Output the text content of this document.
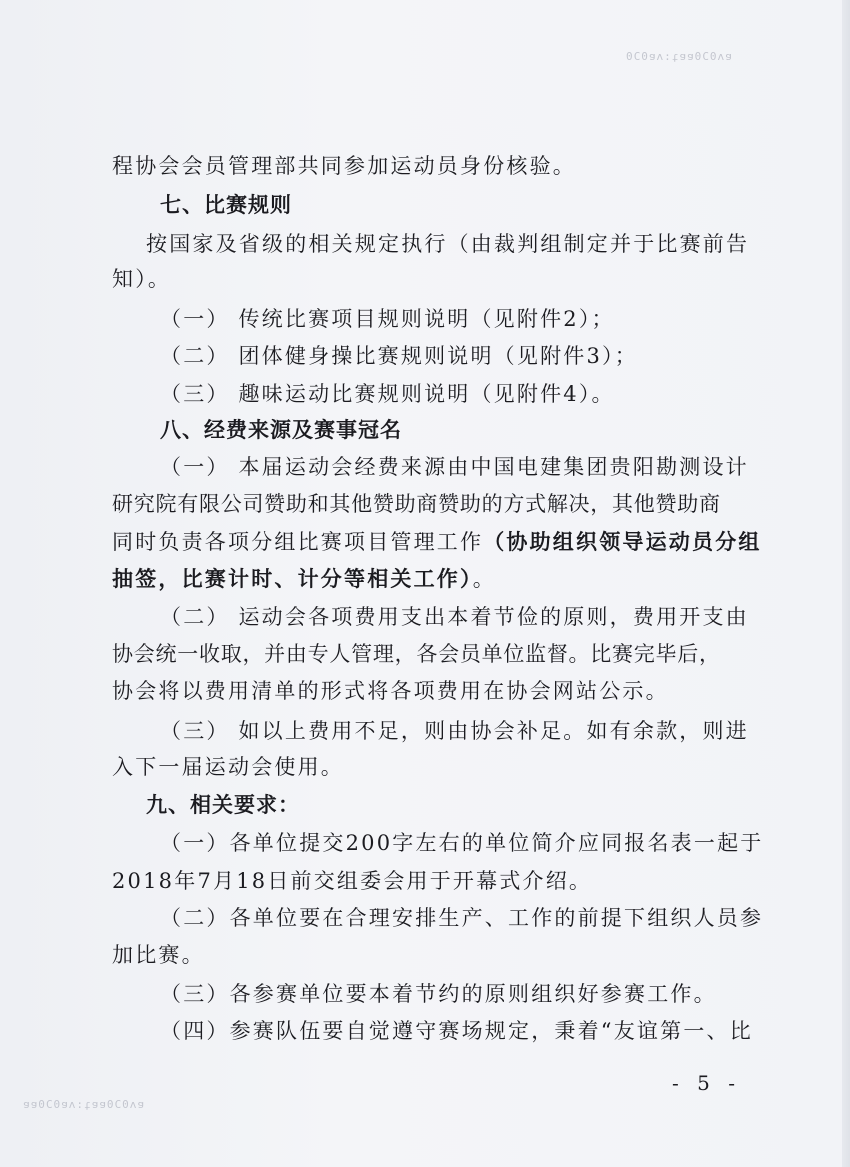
ɐʌ0Ɔ0ɐɐʇ:ʌɐ0Ɔ0
程协会会员管理部共同参加运动员身份核验。
七、比赛规则
按国家及省级的相关规定执行（由裁判组制定并于比赛前告
知）。
（一） 传统比赛项目规则说明（见附件2）；
（二） 团体健身操比赛规则说明（见附件3）；
（三） 趣味运动比赛规则说明（见附件4）。
八、经费来源及赛事冠名
（一） 本届运动会经费来源由中国电建集团贵阳勘测设计
研究院有限公司赞助和其他赞助商赞助的方式解决，其他赞助商
同时负责各项分组比赛项目管理工作（协助组织领导运动员分组
抽签，比赛计时、计分等相关工作）。
（二） 运动会各项费用支出本着节俭的原则，费用开支由
协会统一收取，并由专人管理，各会员单位监督。比赛完毕后，
协会将以费用清单的形式将各项费用在协会网站公示。
（三） 如以上费用不足，则由协会补足。如有余款，则进
入下一届运动会使用。
九、相关要求：
（一）各单位提交200字左右的单位简介应同报名表一起于
2018年7月18日前交组委会用于开幕式介绍。
（二）各单位要在合理安排生产、工作的前提下组织人员参
加比赛。
（三）各参赛单位要本着节约的原则组织好参赛工作。
（四）参赛队伍要自觉遵守赛场规定，秉着“友谊第一、比
- 5 -
ɐʌ0Ɔ0ɐɐʇ:ʌɐ0Ɔ0ɐɐ
